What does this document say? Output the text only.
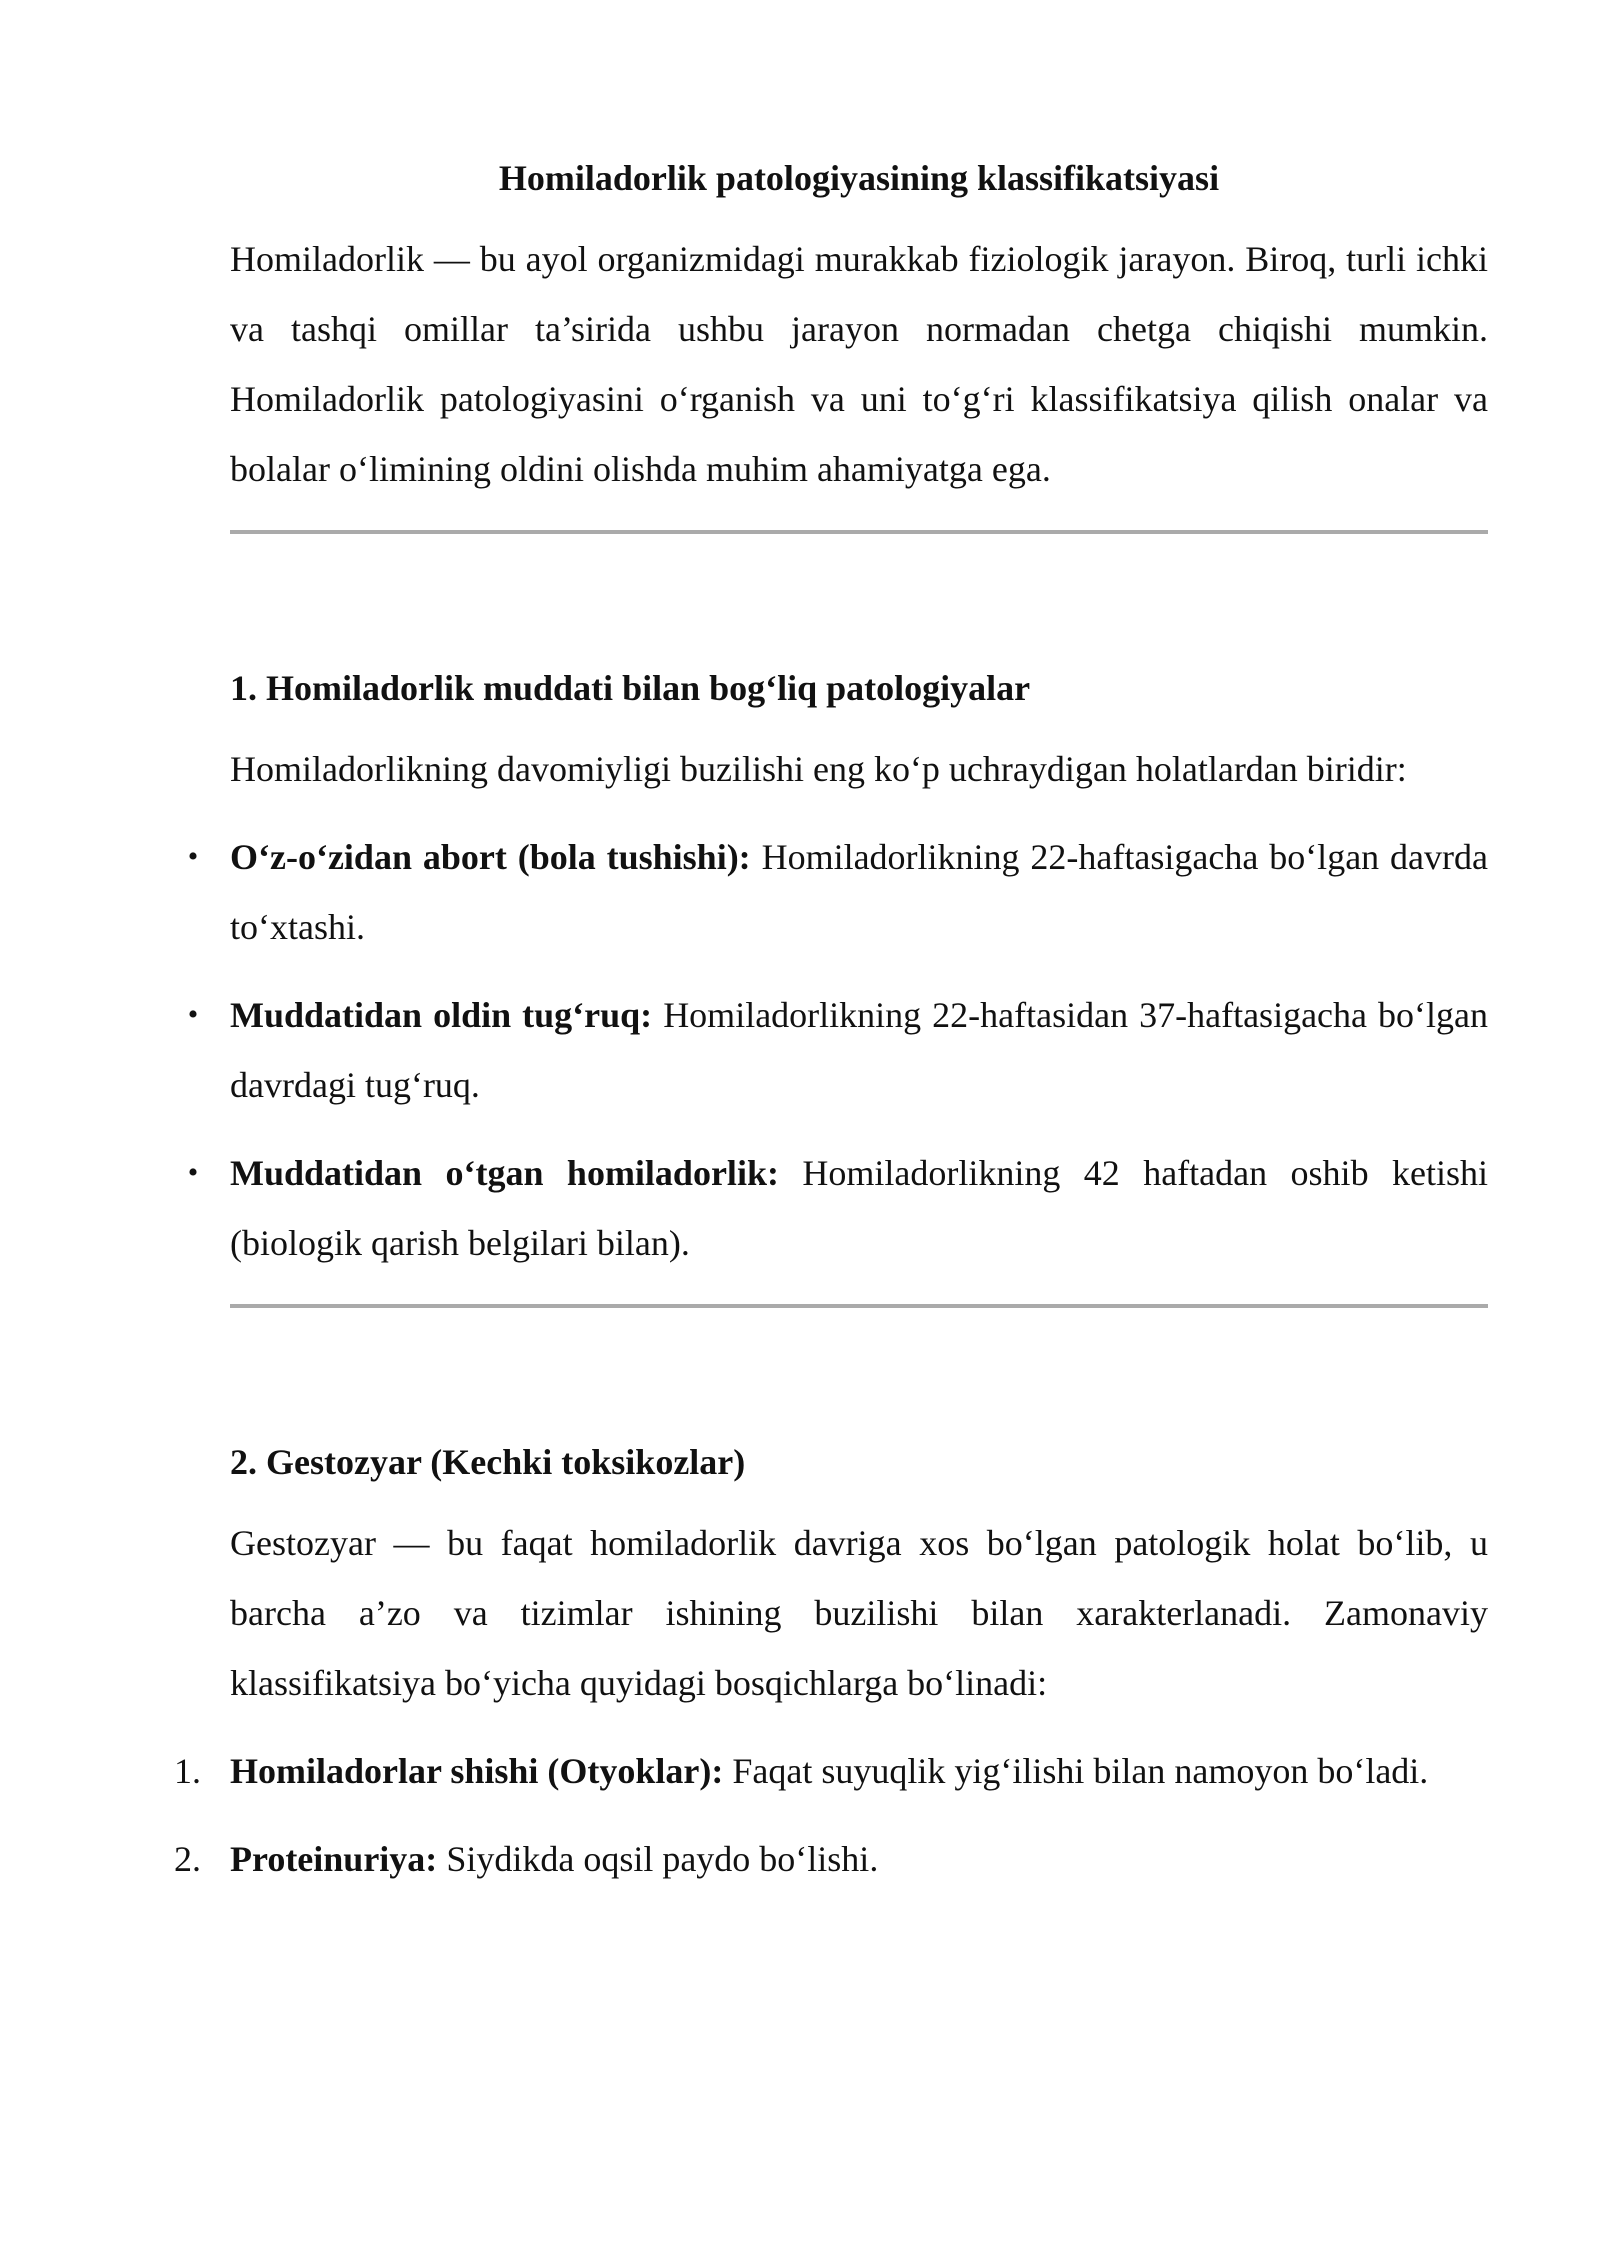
Homiladorlik patologiyasining klassifikatsiyasi

Homiladorlik — bu ayol organizmidagi murakkab fiziologik jarayon. Biroq, turli ichki va tashqi omillar ta’sirida ushbu jarayon normadan chetga chiqishi mumkin. Homiladorlik patologiyasini o‘rganish va uni to‘g‘ri klassifikatsiya qilish onalar va bolalar o‘limining oldini olishda muhim ahamiyatga ega.

1. Homiladorlik muddati bilan bog‘liq patologiyalar

Homiladorlikning davomiyligi buzilishi eng ko‘p uchraydigan holatlardan biridir:

• O‘z-o‘zidan abort (bola tushishi): Homiladorlikning 22-haftasigacha bo‘lgan davrda to‘xtashi.
• Muddatidan oldin tug‘ruq: Homiladorlikning 22-haftasidan 37-haftasigacha bo‘lgan davrdagi tug‘ruq.
• Muddatidan o‘tgan homiladorlik: Homiladorlikning 42 haftadan oshib ketishi (biologik qarish belgilari bilan).
2. Gestozyar (Kechki toksikozlar)

Gestozyar — bu faqat homiladorlik davriga xos bo‘lgan patologik holat bo‘lib, u barcha a’zo va tizimlar ishining buzilishi bilan xarakterlanadi. Zamonaviy klassifikatsiya bo‘yicha quyidagi bosqichlarga bo‘linadi:

1. Homiladorlar shishi (Otyoklar): Faqat suyuqlik yig‘ilishi bilan namoyon bo‘ladi.
2. Proteinuriya: Siydikda oqsil paydo bo‘lishi.
